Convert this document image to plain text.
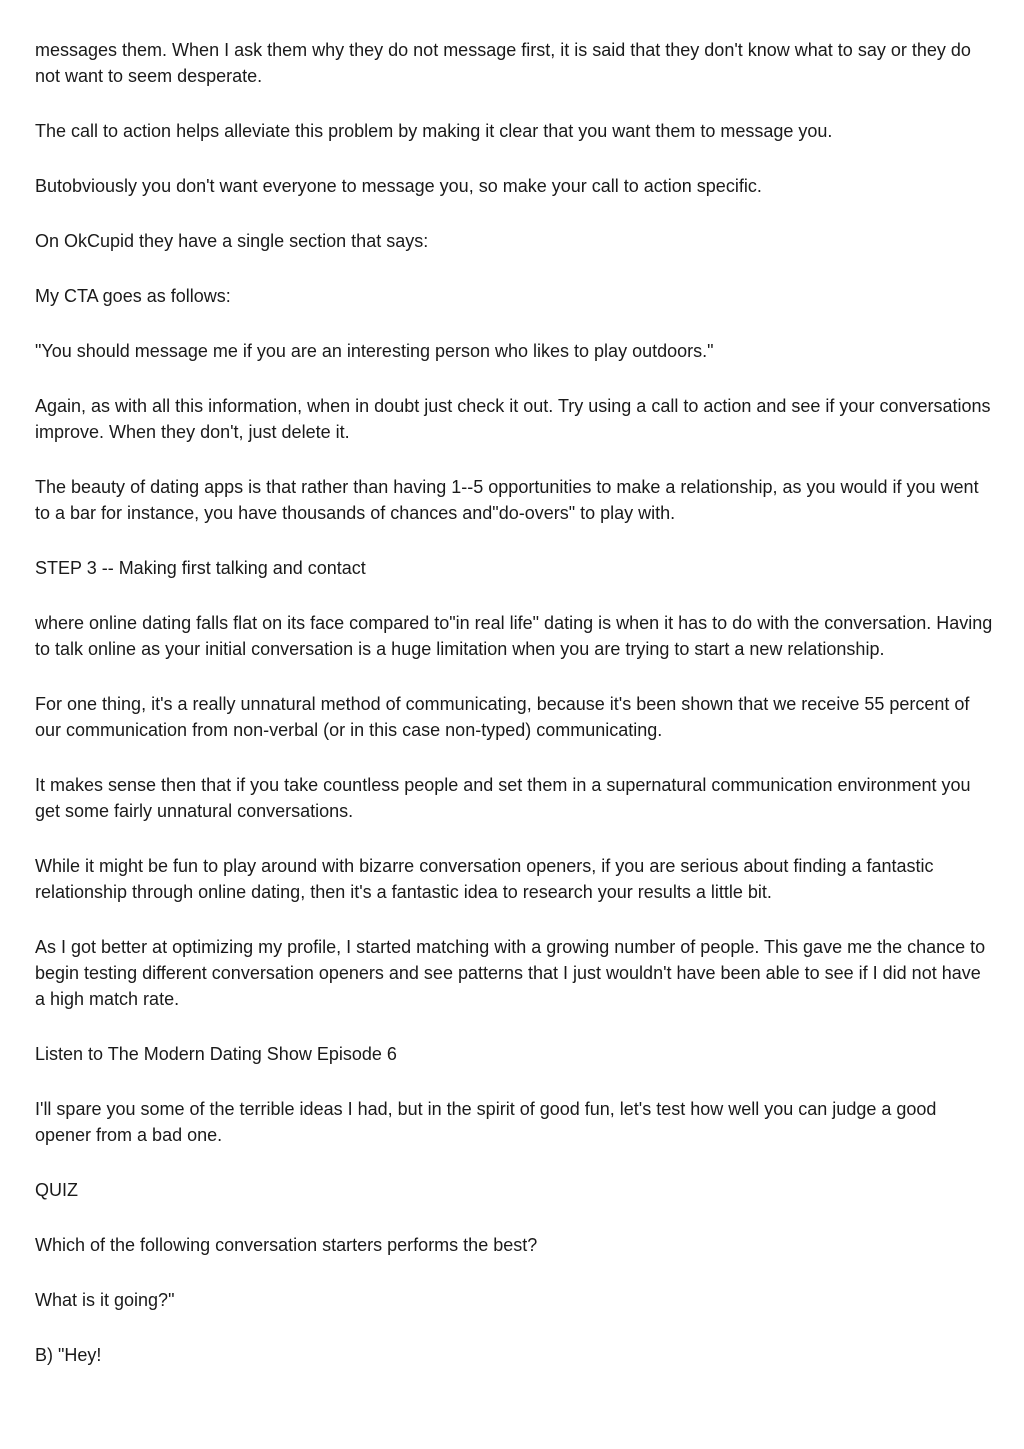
messages them. When I ask them why they do not message first, it is said that they don't know what to say or they do not want to seem desperate.

The call to action helps alleviate this problem by making it clear that you want them to message you.

Butobviously you don't want everyone to message you, so make your call to action specific.

On OkCupid they have a single section that says:

My CTA goes as follows:

"You should message me if you are an interesting person who likes to play outdoors."

Again, as with all this information, when in doubt just check it out. Try using a call to action and see if your conversations improve. When they don't, just delete it.

The beauty of dating apps is that rather than having 1--5 opportunities to make a relationship, as you would if you went to a bar for instance, you have thousands of chances and"do-overs" to play with.

STEP 3 -- Making first talking and contact

where online dating falls flat on its face compared to"in real life" dating is when it has to do with the conversation. Having to talk online as your initial conversation is a huge limitation when you are trying to start a new relationship.

For one thing, it's a really unnatural method of communicating, because it's been shown that we receive 55 percent of our communication from non-verbal (or in this case non-typed) communicating.

It makes sense then that if you take countless people and set them in a supernatural communication environment you get some fairly unnatural conversations.

While it might be fun to play around with bizarre conversation openers, if you are serious about finding a fantastic relationship through online dating, then it's a fantastic idea to research your results a little bit.

As I got better at optimizing my profile, I started matching with a growing number of people. This gave me the chance to begin testing different conversation openers and see patterns that I just wouldn't have been able to see if I did not have a high match rate.

Listen to The Modern Dating Show Episode 6

I'll spare you some of the terrible ideas I had, but in the spirit of good fun, let's test how well you can judge a good opener from a bad one.

QUIZ

Which of the following conversation starters performs the best?

What is it going?"

B) "Hey!
